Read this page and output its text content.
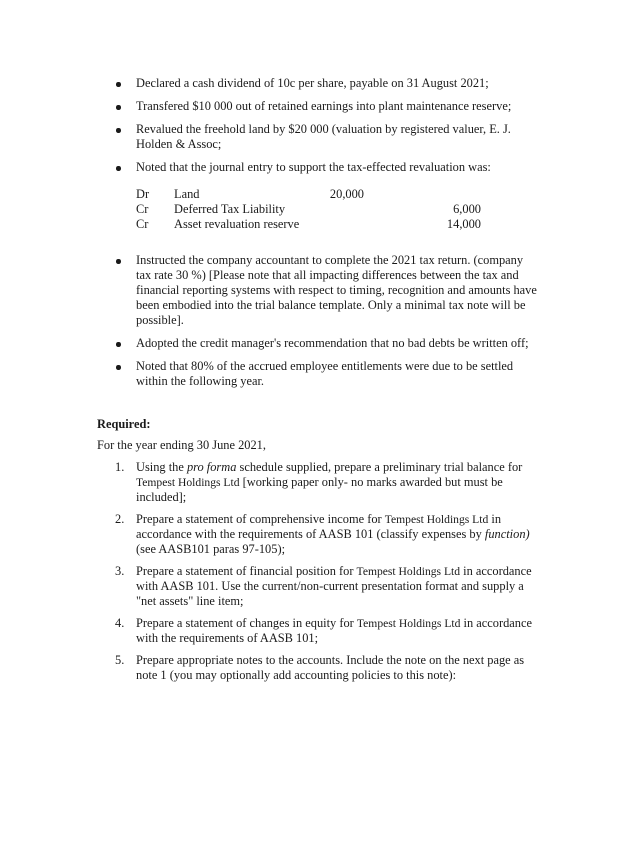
Declared a cash dividend of 10c per share, payable on 31 August 2021;
Transfered $10 000 out of retained earnings into plant maintenance reserve;
Revalued the freehold land by $20 000 (valuation by registered valuer, E. J. Holden & Assoc;
Noted that the journal entry to support the tax-effected revaluation was:
Dr Land	20,000
Cr Deferred Tax Liability	6,000
Cr Asset revaluation reserve	14,000
Instructed the company accountant to complete the 2021 tax return. (company tax rate 30 %) [Please note that all impacting differences between the tax and financial reporting systems with respect to timing, recognition and amounts have been embodied into the trial balance template. Only a minimal tax note will be possible].
Adopted the credit manager's recommendation that no bad debts be written off;
Noted that 80% of the accrued employee entitlements were due to be settled within the following year.
Required:
For the year ending 30 June 2021,
1. Using the pro forma schedule supplied, prepare a preliminary trial balance for Tempest Holdings Ltd [working paper only- no marks awarded but must be included];
2. Prepare a statement of comprehensive income for Tempest Holdings Ltd in accordance with the requirements of AASB 101 (classify expenses by function) (see AASB101 paras 97-105);
3. Prepare a statement of financial position for Tempest Holdings Ltd in accordance with AASB 101. Use the current/non-current presentation format and supply a "net assets" line item;
4. Prepare a statement of changes in equity for Tempest Holdings Ltd in accordance with the requirements of AASB 101;
5. Prepare appropriate notes to the accounts. Include the note on the next page as note 1 (you may optionally add accounting policies to this note):
